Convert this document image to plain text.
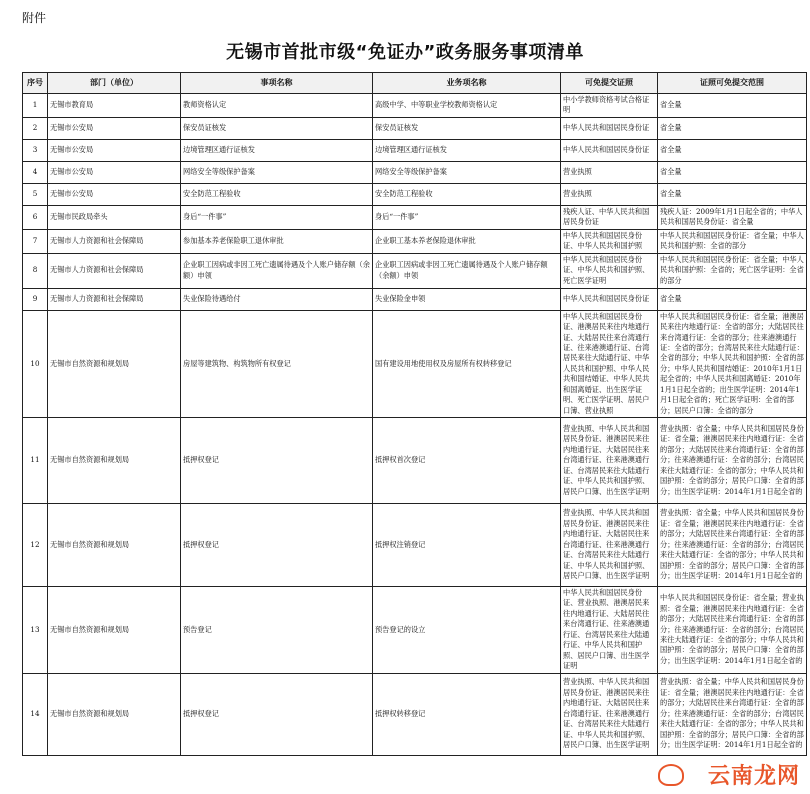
附件
无锡市首批市级“免证办”政务服务事项清单
序号	部门（单位）	事项名称	业务项名称	可免提交证照	证照可免提交范围
1	无锡市教育局	教师资格认定	高级中学、中等职业学校教师资格认定	中小学教师资格考试合格证明	省全量
2	无锡市公安局	保安员证核发	保安员证核发	中华人民共和国居民身份证	省全量
3	无锡市公安局	边境管理区通行证核发	边境管理区通行证核发	中华人民共和国居民身份证	省全量
4	无锡市公安局	网络安全等级保护备案	网络安全等级保护备案	营业执照	省全量
5	无锡市公安局	安全防范工程验收	安全防范工程验收	营业执照	省全量
6	无锡市民政局牵头	身后“一件事”	身后“一件事”	残疾人证、中华人民共和国居民身份证	残疾人证：2009年1月1日起全省的；中华人民共和国居民身份证：省全量
7	无锡市人力资源和社会保障局	参加基本养老保险职工退休审批	企业职工基本养老保险退休审批	中华人民共和国居民身份证、中华人民共和国护照	中华人民共和国居民身份证：省全量；中华人民共和国护照：全省的部分
8	无锡市人力资源和社会保障局	企业职工因病或非因工死亡遗属待遇及个人账户储存额（余额）申领	企业职工因病或非因工死亡遗属待遇及个人账户储存额（余额）申领	中华人民共和国居民身份证、中华人民共和国护照、死亡医学证明	中华人民共和国居民身份证：省全量；中华人民共和国护照：全省的；死亡医学证明：全省的部分
9	无锡市人力资源和社会保障局	失业保险待遇给付	失业保险金申领	中华人民共和国居民身份证	省全量
10	无锡市自然资源和规划局	房屋等建筑物、构筑物所有权登记	国有建设用地使用权及房屋所有权转移登记	中华人民共和国居民身份证、港澳居民来往内地通行证、大陆居民往来台湾通行证、往来港澳通行证、台湾居民来往大陆通行证、中华人民共和国护照、中华人民共和国结婚证、中华人民共和国离婚证、出生医学证明、死亡医学证明、居民户口簿、营业执照	中华人民共和国居民身份证：省全量；港澳居民来往内地通行证：全省的部分；大陆居民往来台湾通行证：全省的部分；往来港澳通行证：全省的部分；台湾居民来往大陆通行证：全省的部分；中华人民共和国护照：全省的部分；中华人民共和国结婚证：2010年1月1日起全省的；中华人民共和国离婚证：2010年1月1日起全省的；出生医学证明：2014年1月1日起全省的；死亡医学证明：全省的部分；居民户口簿：全省的部分
11	无锡市自然资源和规划局	抵押权登记	抵押权首次登记	营业执照、中华人民共和国居民身份证、港澳居民来往内地通行证、大陆居民往来台湾通行证、往来港澳通行证、台湾居民来往大陆通行证、中华人民共和国护照、居民户口簿、出生医学证明	营业执照：省全量；中华人民共和国居民身份证：省全量；港澳居民来往内地通行证：全省的部分；大陆居民往来台湾通行证：全省的部分；往来港澳通行证：全省的部分；台湾居民来往大陆通行证：全省的部分；中华人民共和国护照：全省的部分；居民户口簿：全省的部分；出生医学证明：2014年1月1日起全省的
12	无锡市自然资源和规划局	抵押权登记	抵押权注销登记	营业执照、中华人民共和国居民身份证、港澳居民来往内地通行证、大陆居民往来台湾通行证、往来港澳通行证、台湾居民来往大陆通行证、中华人民共和国护照、居民户口簿、出生医学证明	营业执照：省全量；中华人民共和国居民身份证：省全量；港澳居民来往内地通行证：全省的部分；大陆居民往来台湾通行证：全省的部分；往来港澳通行证：全省的部分；台湾居民来往大陆通行证：全省的部分；中华人民共和国护照：全省的部分；居民户口簿：全省的部分；出生医学证明：2014年1月1日起全省的
13	无锡市自然资源和规划局	预告登记	预告登记的设立	中华人民共和国居民身份证、营业执照、港澳居民来往内地通行证、大陆居民往来台湾通行证、往来港澳通行证、台湾居民来往大陆通行证、中华人民共和国护照、居民户口簿、出生医学证明	中华人民共和国居民身份证：省全量；营业执照：省全量；港澳居民来往内地通行证：全省的部分；大陆居民往来台湾通行证：全省的部分；往来港澳通行证：全省的部分；台湾居民来往大陆通行证：全省的部分；中华人民共和国护照：全省的部分；居民户口簿：全省的部分；出生医学证明：2014年1月1日起全省的
14	无锡市自然资源和规划局	抵押权登记	抵押权转移登记	营业执照、中华人民共和国居民身份证、港澳居民来往内地通行证、大陆居民往来台湾通行证、往来港澳通行证、台湾居民来往大陆通行证、中华人民共和国护照、居民户口簿、出生医学证明	营业执照：省全量；中华人民共和国居民身份证：省全量；港澳居民来往内地通行证：全省的部分；大陆居民往来台湾通行证：全省的部分；往来港澳通行证：全省的部分；台湾居民来往大陆通行证：全省的部分；中华人民共和国护照：全省的部分；居民户口簿：全省的部分；出生医学证明：2014年1月1日起全省的
云南龙网
